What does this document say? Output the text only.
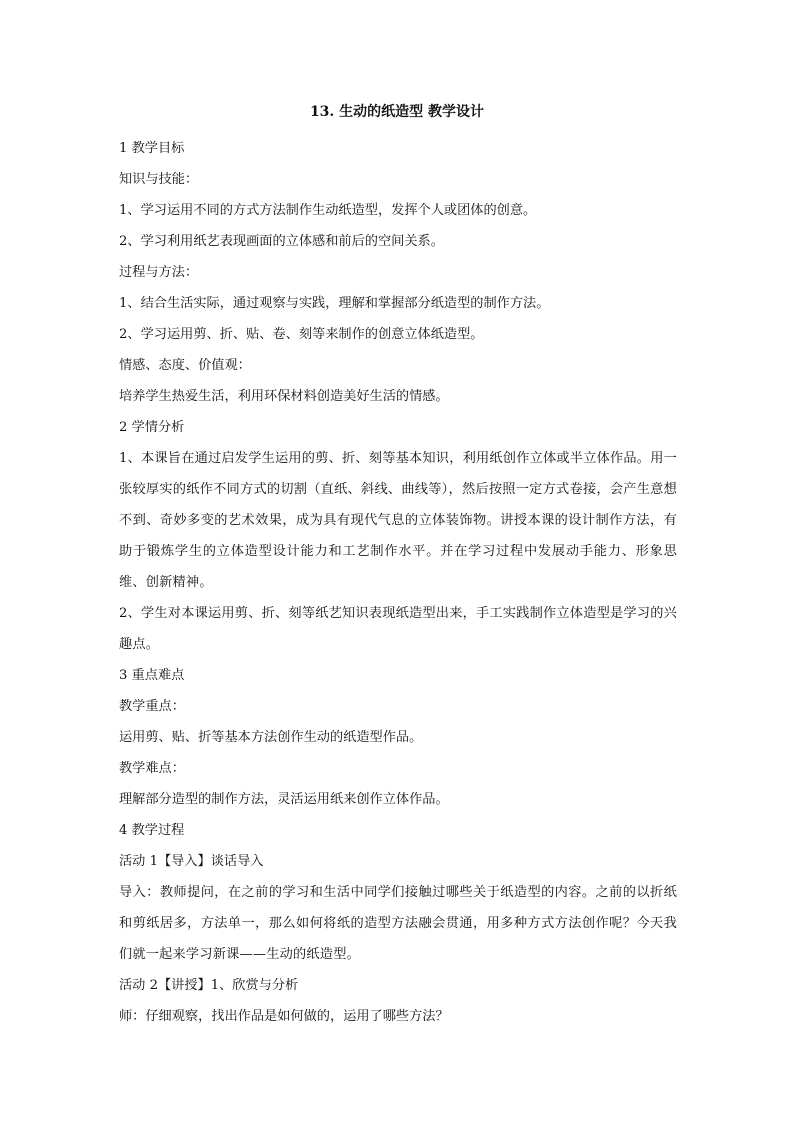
13. 生动的纸造型 教学设计

1 教学目标

知识与技能：

1、学习运用不同的方式方法制作生动纸造型，发挥个人或团体的创意。

2、学习利用纸艺表现画面的立体感和前后的空间关系。

过程与方法：

1、结合生活实际，通过观察与实践，理解和掌握部分纸造型的制作方法。

2、学习运用剪、折、贴、卷、刻等来制作的创意立体纸造型。

情感、态度、价值观：

培养学生热爱生活，利用环保材料创造美好生活的情感。

2 学情分析

1、本课旨在通过启发学生运用的剪、折、刻等基本知识，利用纸创作立体或半立体作品。用一张较厚实的纸作不同方式的切割（直纸、斜线、曲线等），然后按照一定方式卷接，会产生意想不到、奇妙多变的艺术效果，成为具有现代气息的立体装饰物。讲授本课的设计制作方法，有助于锻炼学生的立体造型设计能力和工艺制作水平。并在学习过程中发展动手能力、形象思维、创新精神。

2、学生对本课运用剪、折、刻等纸艺知识表现纸造型出来，手工实践制作立体造型是学习的兴趣点。

3 重点难点

教学重点：

运用剪、贴、折等基本方法创作生动的纸造型作品。

教学难点：

理解部分造型的制作方法，灵活运用纸来创作立体作品。

4 教学过程

活动 1【导入】谈话导入

导入：教师提问，在之前的学习和生活中同学们接触过哪些关于纸造型的内容。之前的以折纸和剪纸居多，方法单一，那么如何将纸的造型方法融会贯通，用多种方式方法创作呢？今天我们就一起来学习新课——生动的纸造型。

活动 2【讲授】1、欣赏与分析

师：仔细观察，找出作品是如何做的，运用了哪些方法？
